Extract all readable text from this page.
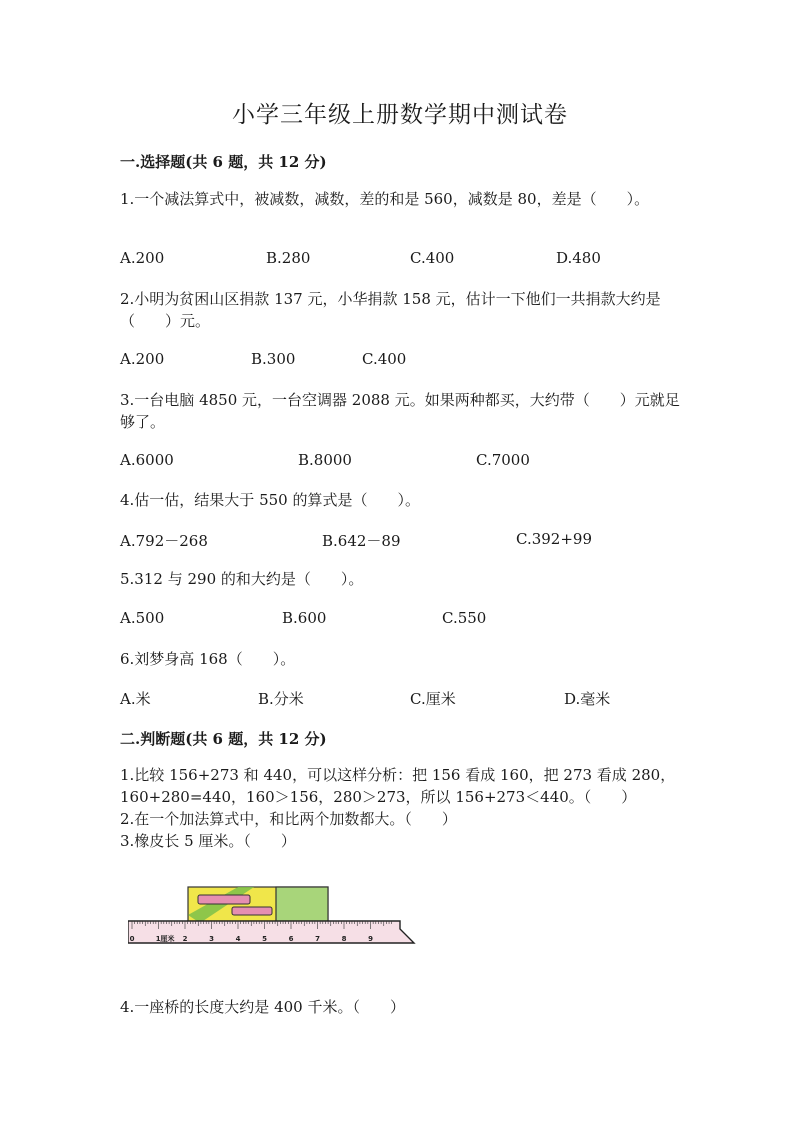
小学三年级上册数学期中测试卷
一.选择题(共 6 题，共 12 分)

1.一个减法算式中，被减数，减数，差的和是 560，减数是 80，差是（　　）。

A.200	B.280	C.400	D.480

2.小明为贫困山区捐款 137 元，小华捐款 158 元，估计一下他们一共捐款大约是（　　）元。

A.200	B.300	C.400

3.一台电脑 4850 元，一台空调器 2088 元。如果两种都买，大约带（　　）元就足够了。

A.6000	B.8000	C.7000

4.估一估，结果大于 550 的算式是（　　）。

A.792－268	B.642－89	C.392+99

5.312 与 290 的和大约是（　　）。

A.500	B.600	C.550

6.刘梦身高 168（　　）。

A.米	B.分米	C.厘米	D.毫米
二.判断题(共 6 题，共 12 分)

1.比较 156+273 和 440，可以这样分析：把 156 看成 160，把 273 看成 280，160+280=440，160＞156，280＞273，所以 156+273＜440。（　　）

2.在一个加法算式中，和比两个加数都大。（　　）

3.橡皮长 5 厘米。（　　）

0	2	3	4	5	6	7	8	9
1厘米

4.一座桥的长度大约是 400 千米。（　　）
